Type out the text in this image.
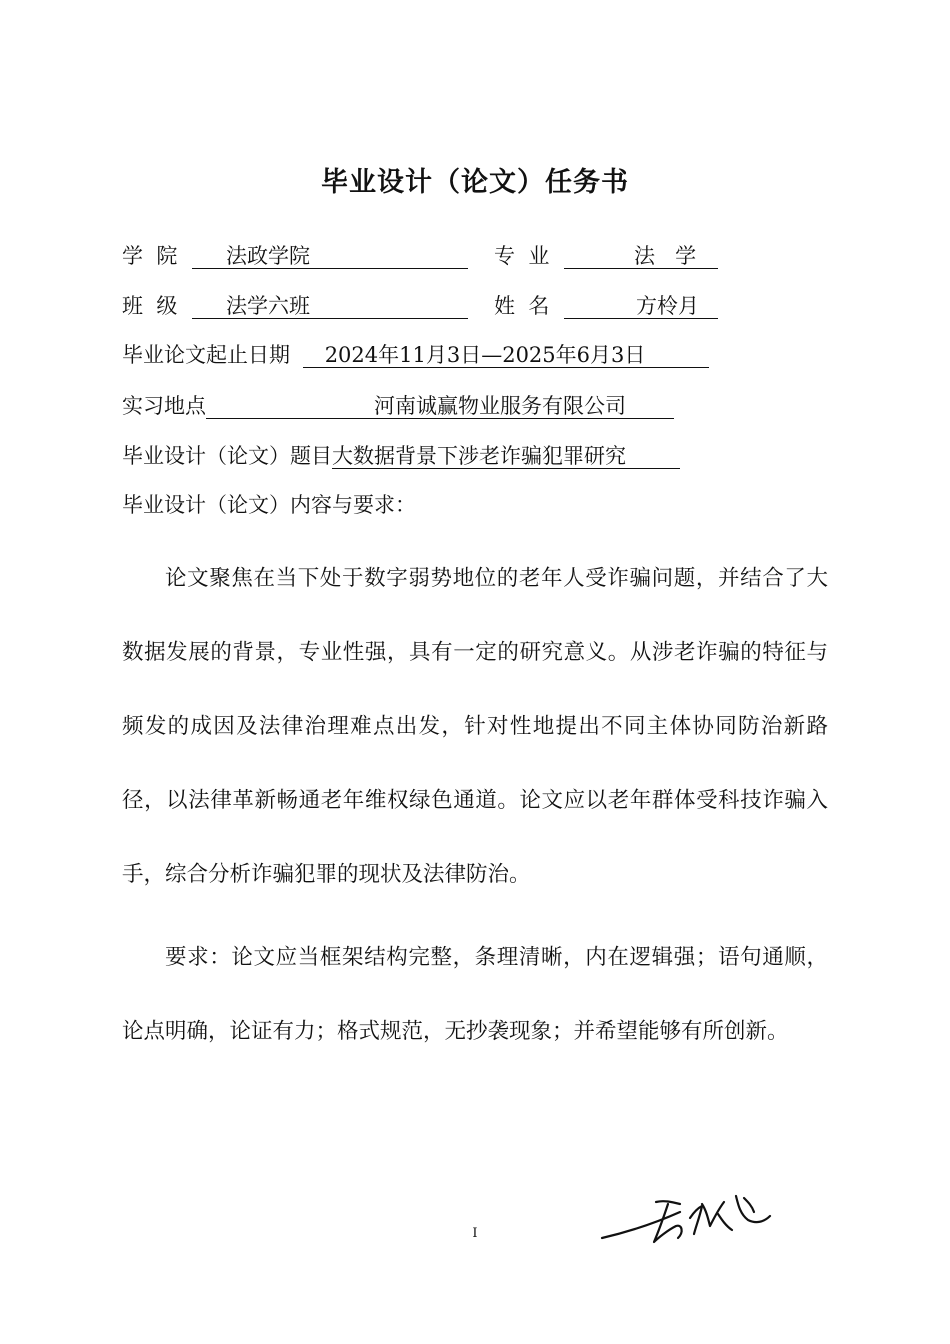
毕业设计（论文）任务书
学  院 法政学院	专  业	法   学
班  级 法学六班	姓  名	方柃月
毕业论文起止日期 2024年11月3日—2025年6月3日
实习地点	河南诚赢物业服务有限公司
毕业设计（论文）题目大数据背景下涉老诈骗犯罪研究
毕业设计（论文）内容与要求：
论文聚焦在当下处于数字弱势地位的老年人受诈骗问题，并结合了大数据发展的背景，专业性强，具有一定的研究意义。从涉老诈骗的特征与频发的成因及法律治理难点出发，针对性地提出不同主体协同防治新路径，以法律革新畅通老年维权绿色通道。论文应以老年群体受科技诈骗入手，综合分析诈骗犯罪的现状及法律防治。
要求：论文应当框架结构完整，条理清晰，内在逻辑强；语句通顺，论点明确，论证有力；格式规范，无抄袭现象；并希望能够有所创新。
I
